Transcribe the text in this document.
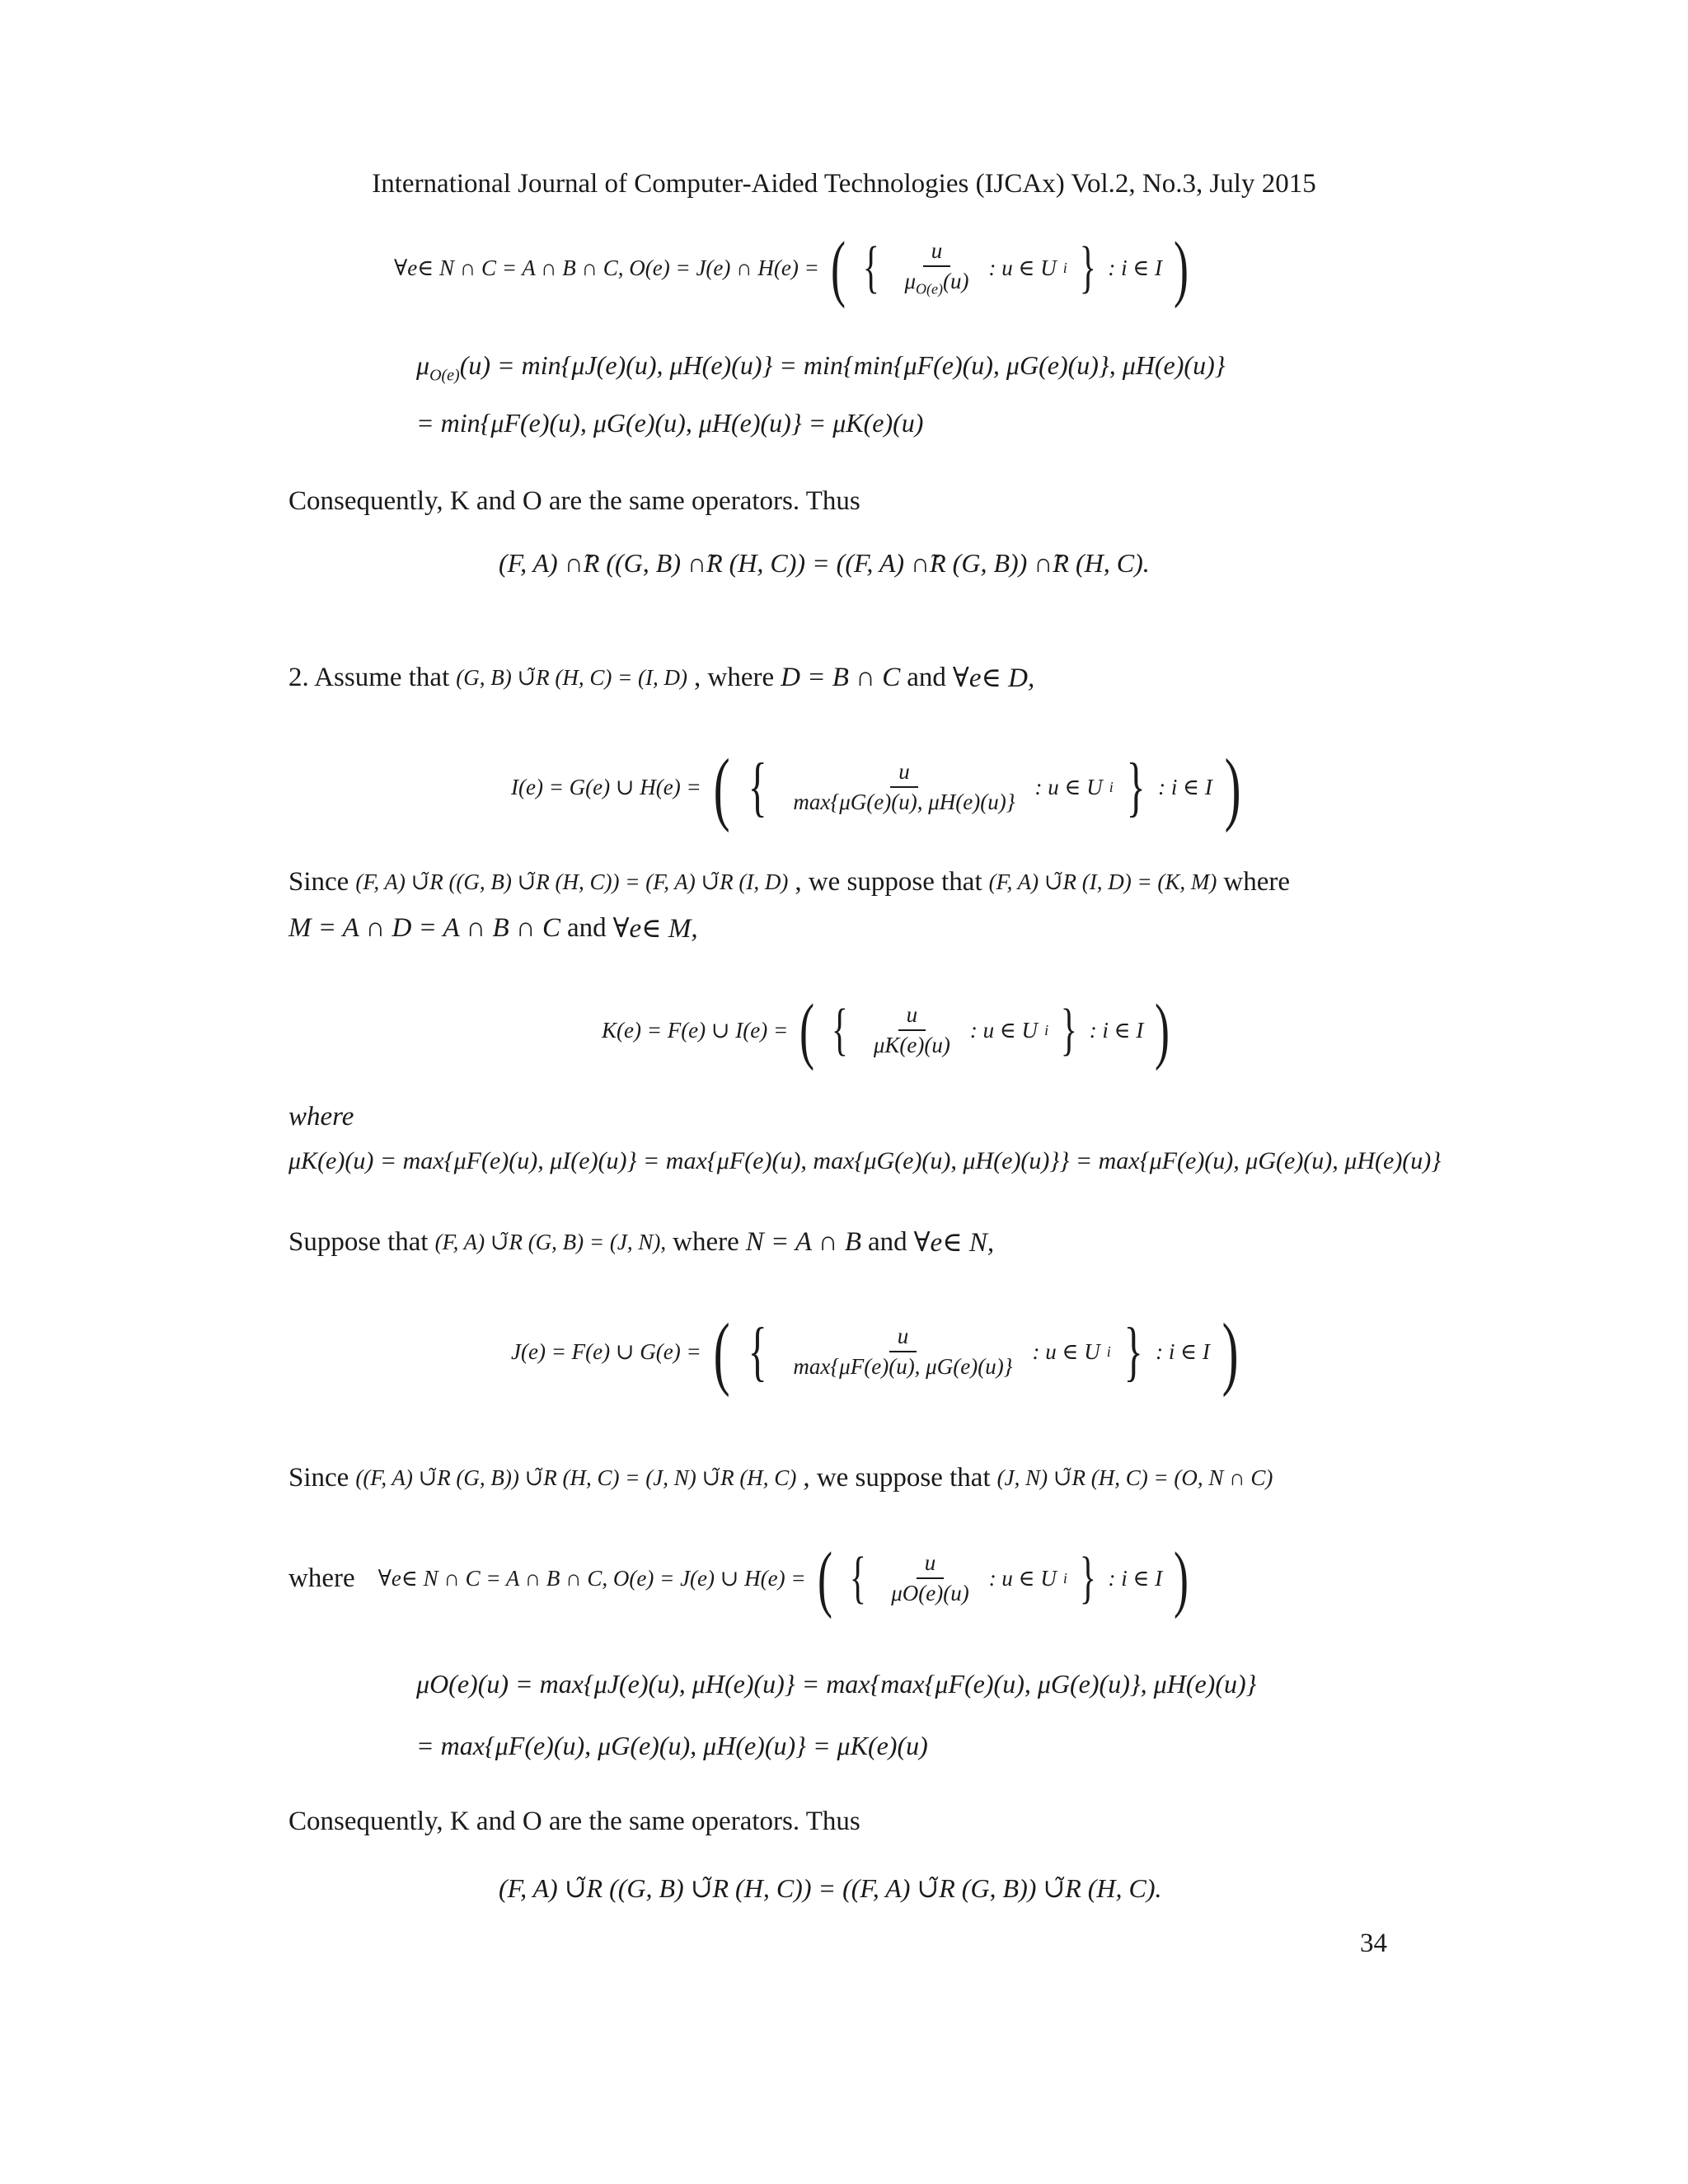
International Journal of Computer-Aided Technologies (IJCAx) Vol.2, No.3, July 2015
∀e∈ N ∩ C = A ∩ B ∩ C, O(e) = J(e) ∩ H(e) = ( { $\frac{u}{\mu_{O(e)}(u)}$ : u ∈ U i } : i ∈ I )
$\mu_{O(e)}(u) = \min\{\mu J(e)(u)$, μH(e)(u)} = min{min{μF(e)(u), μG(e)(u)}, μH(e)(u)}
= min{μF(e)(u), μG(e)(u), μH(e)(u)} = μK(e)(u)
Consequently, K and O are the same operators. Thus
(F, A) ∩̃R ((G, B) ∩̃R (H, C)) = ((F, A) ∩̃R (G, B)) ∩̃R (H, C).
2. Assume that (G, B) ∪̃R (H, C) = (I, D) , where D = B ∩ C and ∀e∈ D,
I(e) = G(e) ∪ H(e) = ( { $\frac{u}{\max\{\mu G(e)(u), \mu H(e)(u)\}}$ : u ∈ U i } : i ∈ I )
Since (F, A) ∪̃R ((G, B) ∪̃R (H, C)) = (F, A) ∪̃R (I, D) , we suppose that (F, A) ∪̃R (I, D) = (K, M) where
M = A ∩ D = A ∩ B ∩ C and ∀e∈ M,
K(e) = F(e) ∪ I(e) = ( { $\frac{u}{\mu K(e)(u)}$ : u ∈ U i } : i ∈ I )
where
μK(e)(u) = max{μF(e)(u), μI(e)(u)} = max{μF(e)(u), max{μG(e)(u), μH(e)(u)}} = max{μF(e)(u), μG(e)(u), μH(e)(u)}
Suppose that (F, A) ∪̃R (G, B) = (J, N), where N = A ∩ B and ∀e∈ N,
J(e) = F(e) ∪ G(e) = ( { $\frac{u}{\max\{\mu F(e)(u), \mu G(e)(u)\}}$ : u ∈ U i } : i ∈ I )
Since ((F, A) ∪̃R (G, B)) ∪̃R (H, C) = (J, N) ∪̃R (H, C) , we suppose that (J, N) ∪̃R (H, C) = (O, N ∩ C)
where ∀e∈ N ∩ C = A ∩ B ∩ C, O(e) = J(e) ∪ H(e) = ( { $\frac{u}{\mu O(e)(u)}$ : u ∈ U i } : i ∈ I )
μO(e)(u) = max{μJ(e)(u), μH(e)(u)} = max{max{μF(e)(u), μG(e)(u)}, μH(e)(u)}
= max{μF(e)(u), μG(e)(u), μH(e)(u)} = μK(e)(u)
Consequently, K and O are the same operators. Thus
(F, A) ∪̃R ((G, B) ∪̃R (H, C)) = ((F, A) ∪̃R (G, B)) ∪̃R (H, C).
34
